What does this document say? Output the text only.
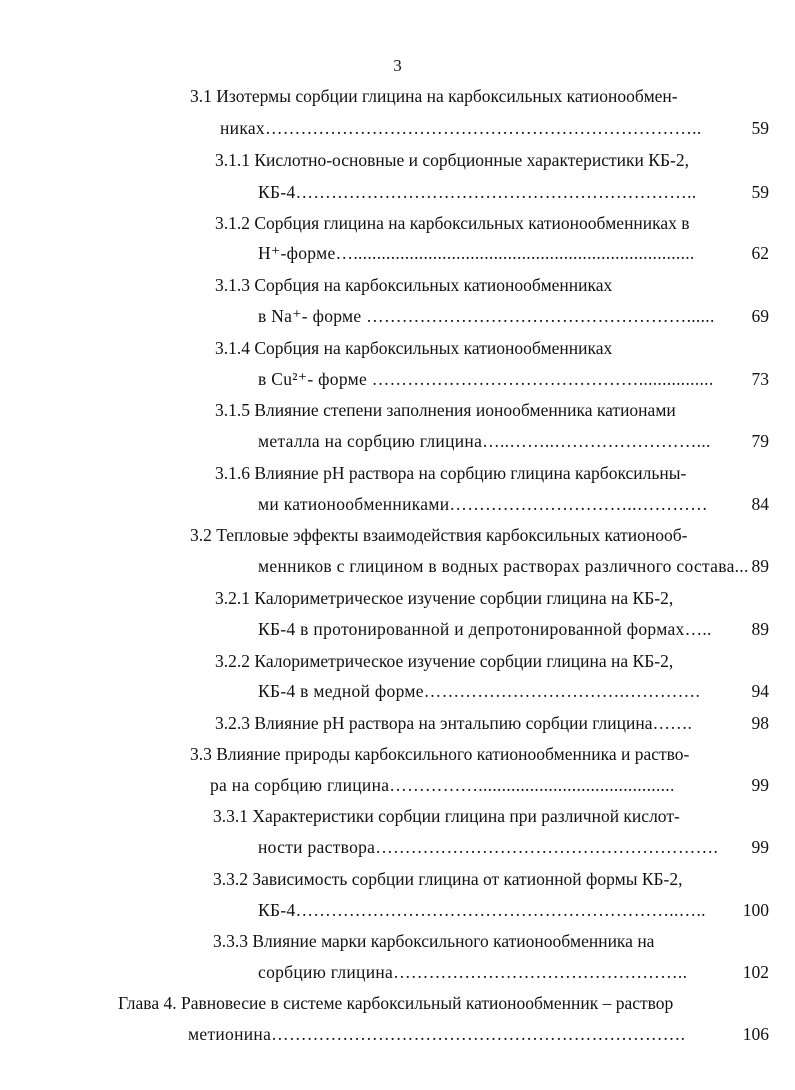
3
3.1 Изотермы сорбции глицина на карбоксильных катионообмен-
никах………………………………………………………………..	59
3.1.1 Кислотно-основные и сорбционные характеристики КБ-2,
КБ-4…………………………………………………………..	59
3.1.2 Сорбция глицина на карбоксильных катионообменниках в
Н⁺-форме….........................................................................	62
3.1.3 Сорбция на карбоксильных катионообменниках
в Na⁺- форме ………………………………………………...... 69
3.1.4 Сорбция на карбоксильных катионообменниках
в Cu²⁺- форме ………………………………………................ 73
3.1.5 Влияние степени заполнения ионообменника катионами
металла на сорбцию глицина…..……..……………………... 79
3.1.6 Влияние рН раствора на сорбцию глицина карбоксильны-
ми катионообменниками…………………………..………… 84
3.2 Тепловые эффекты взаимодействия карбоксильных катионооб-
менников с глицином в водных растворах различного состава... 89
3.2.1 Калориметрическое изучение сорбции глицина на КБ-2,
КБ-4 в протонированной и депротонированной формах….. 89
3.2.2 Калориметрическое изучение сорбции глицина на КБ-2,
КБ-4 в медной форме…………………………….………….	94
3.2.3 Влияние рН раствора на энтальпию сорбции глицина…….	98
3.3 Влияние природы карбоксильного катионообменника и раство-
ра на сорбцию глицина……………..........................................	99
3.3.1 Характеристики сорбции глицина при различной кислот-
ности раствора…………………………………………………. 99
3.3.2 Зависимость сорбции глицина от катионной формы КБ-2,
КБ-4………………………………………………………..….. 100
3.3.3 Влияние марки карбоксильного катионообменника на
сорбцию глицина…………………………………………..	102
Глава 4. Равновесие в системе карбоксильный катионообменник – раствор
метионина…………………………………………………………….	106
